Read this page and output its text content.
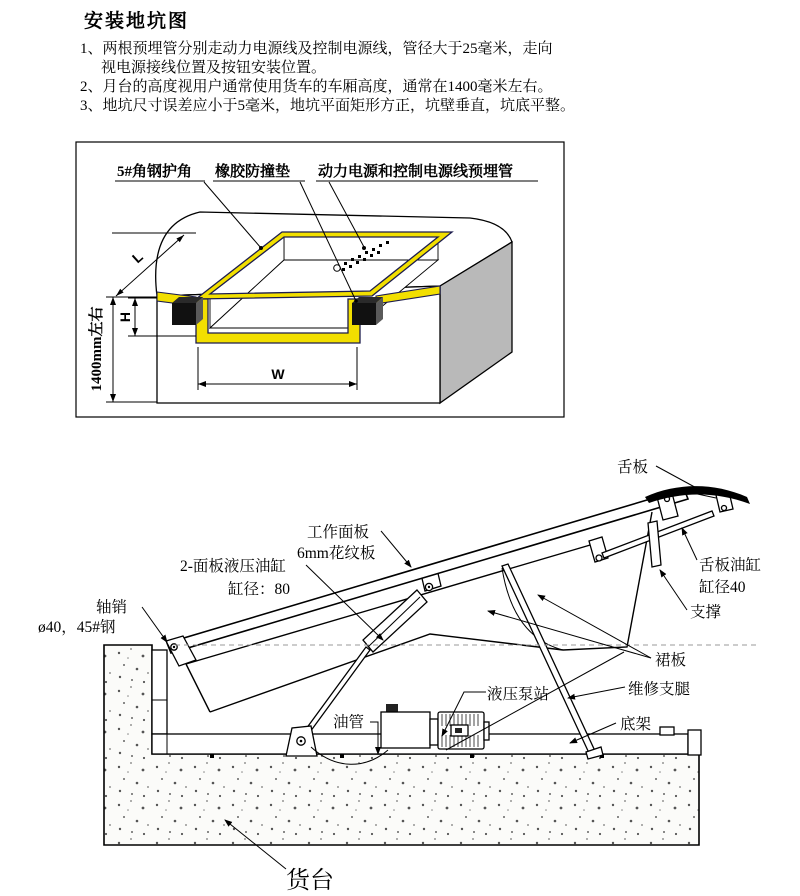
安装地坑图
1、两根预埋管分别走动力电源线及控制电源线，管径大于25毫米，走向
视电源接线位置及按钮安装位置。
2、月台的高度视用户通常使用货车的车厢高度，通常在1400毫米左右。
3、地坑尺寸误差应小于5毫米，地坑平面矩形方正，坑壁垂直，坑底平整。
L
1400mm左右 H
W
5#角钢护角 橡胶防撞垫 动力电源和控制电源线预埋管
舌板
工作面板
6mm花纹板
2-面板液压油缸
缸径：80
轴销
ø40，45#钢
舌板油缸
缸径40
支撑
裙板
维修支腿
底架
液压泵站
油管
货台
